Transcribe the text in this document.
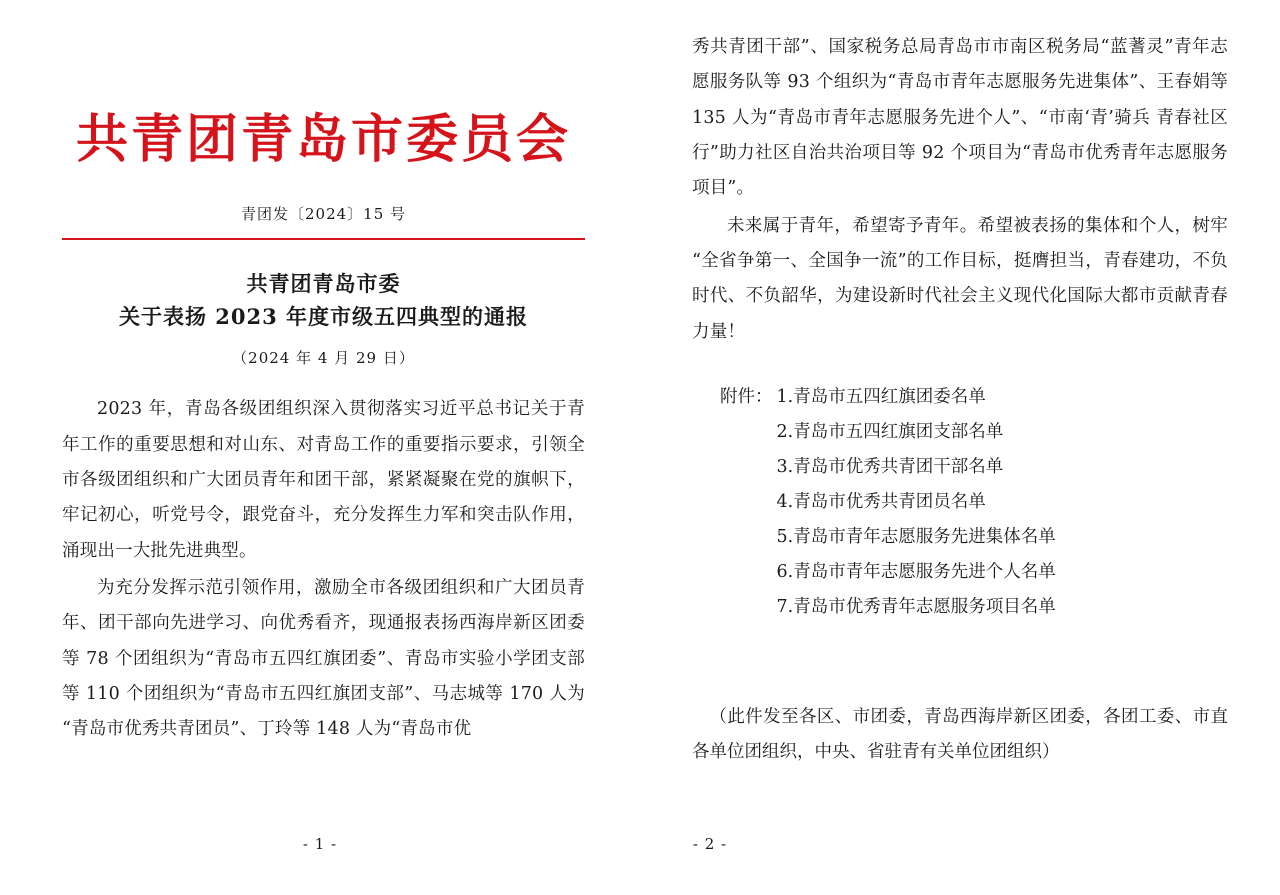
共青团青岛市委员会
青团发〔2024〕15 号
共青团青岛市委
关于表扬 2023 年度市级五四典型的通报
（2024 年 4 月 29 日）

2023 年，青岛各级团组织深入贯彻落实习近平总书记关于青年工作的重要思想和对山东、对青岛工作的重要指示要求，引领全市各级团组织和广大团员青年和团干部，紧紧凝聚在党的旗帜下，牢记初心，听党号令，跟党奋斗，充分发挥生力军和突击队作用，涌现出一大批先进典型。

为充分发挥示范引领作用，激励全市各级团组织和广大团员青年、团干部向先进学习、向优秀看齐，现通报表扬西海岸新区团委等 78 个团组织为“青岛市五四红旗团委”、青岛市实验小学团支部等 110 个团组织为“青岛市五四红旗团支部”、马志城等 170 人为“青岛市优秀共青团员”、丁玲等 148 人为“青岛市优

- 1 -

秀共青团干部”、国家税务总局青岛市市南区税务局“蓝蓍灵”青年志愿服务队等 93 个组织为“青岛市青年志愿服务先进集体”、王春娟等 135 人为“青岛市青年志愿服务先进个人”、“市南‘青’骑兵 青春社区行”助力社区自治共治项目等 92 个项目为“青岛市优秀青年志愿服务项目”。

未来属于青年，希望寄予青年。希望被表扬的集体和个人，树牢“全省争第一、全国争一流”的工作目标，挺膺担当，青春建功，不负时代、不负韶华，为建设新时代社会主义现代化国际大都市贡献青春力量！

附件： 1.青岛市五四红旗团委名单
2.青岛市五四红旗团支部名单
3.青岛市优秀共青团干部名单
4.青岛市优秀共青团员名单
5.青岛市青年志愿服务先进集体名单
6.青岛市青年志愿服务先进个人名单
7.青岛市优秀青年志愿服务项目名单
（此件发至各区、市团委，青岛西海岸新区团委，各团工委、市直各单位团组织，中央、省驻青有关单位团组织）
- 2 -
